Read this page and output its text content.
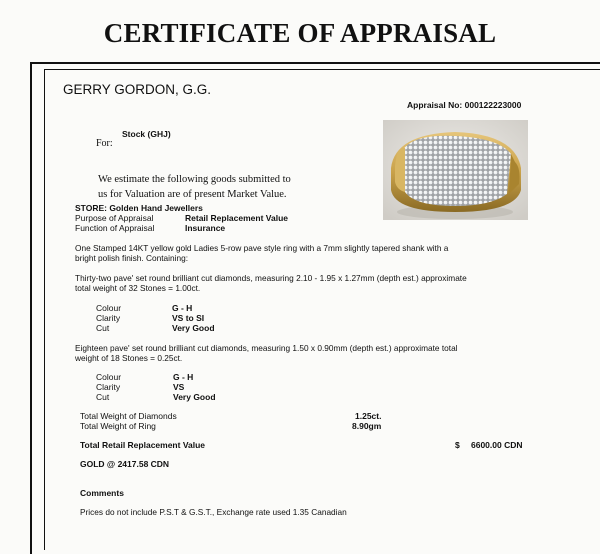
CERTIFICATE OF APPRAISAL
GERRY GORDON, G.G.
Appraisal No: 000122223000
For:
Stock (GHJ)
We estimate the following goods submitted to
us for Valuation are of present Market Value.
STORE: Golden Hand Jewellers
Purpose of Appraisal	Retail Replacement Value
Function of Appraisal	Insurance
One Stamped 14KT yellow gold Ladies 5-row pave style ring with a 7mm slightly tapered shank with a
bright polish finish. Containing:
Thirty-two pave' set round brilliant cut diamonds, measuring 2.10 - 1.95 x 1.27mm (depth est.) approximate
total weight of 32 Stones = 1.00ct.
Colour	G - H
Clarity	VS to SI
Cut	Very Good
Eighteen pave' set round brilliant cut diamonds, measuring 1.50 x 0.90mm (depth est.) approximate total
weight of 18 Stones = 0.25ct.
Colour	G - H
Clarity	VS
Cut	Very Good
Total Weight of Diamonds	1.25ct.
Total Weight of Ring	8.90gm
Total Retail Replacement Value	$ 6600.00 CDN
GOLD @ 2417.58 CDN
Comments
Prices do not include P.S.T & G.S.T., Exchange rate used 1.35 Canadian
